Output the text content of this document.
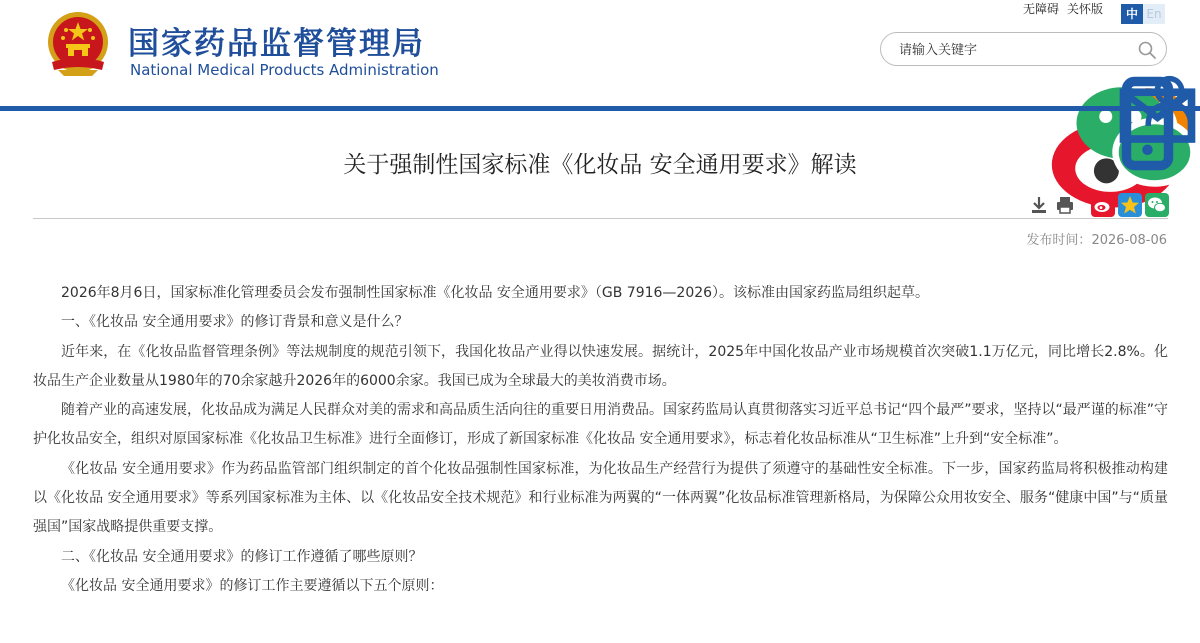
国家药品监督管理局
National Medical Products Administration
无障碍 关怀版	中 En
请输入关键字
关于强制性国家标准《化妆品 安全通用要求》解读
发布时间：2026-08-06

2026年8月6日，国家标准化管理委员会发布强制性国家标准《化妆品 安全通用要求》（GB 7916—2026）。该标准由国家药监局组织起草。

一、《化妆品 安全通用要求》的修订背景和意义是什么？

近年来，在《化妆品监督管理条例》等法规制度的规范引领下，我国化妆品产业得以快速发展。据统计，2025年中国化妆品产业市场规模首次突破1.1万亿元，同比增长2.8%。化妆品生产企业数量从1980年的70余家越升2026年的6000余家。我国已成为全球最大的美妆消费市场。

随着产业的高速发展，化妆品成为满足人民群众对美的需求和高品质生活向往的重要日用消费品。国家药监局认真贯彻落实习近平总书记“四个最严”要求，坚持以“最严谨的标准”守护化妆品安全，组织对原国家标准《化妆品卫生标准》进行全面修订，形成了新国家标准《化妆品 安全通用要求》，标志着化妆品标准从“卫生标准”上升到“安全标准”。

《化妆品 安全通用要求》作为药品监管部门组织制定的首个化妆品强制性国家标准，为化妆品生产经营行为提供了须遵守的基础性安全标准。下一步，国家药监局将积极推动构建以《化妆品 安全通用要求》等系列国家标准为主体、以《化妆品安全技术规范》和行业标准为两翼的“一体两翼”化妆品标准管理新格局，为保障公众用妆安全、服务“健康中国”与“质量强国”国家战略提供重要支撑。

二、《化妆品 安全通用要求》的修订工作遵循了哪些原则？

《化妆品 安全通用要求》的修订工作主要遵循以下五个原则：
